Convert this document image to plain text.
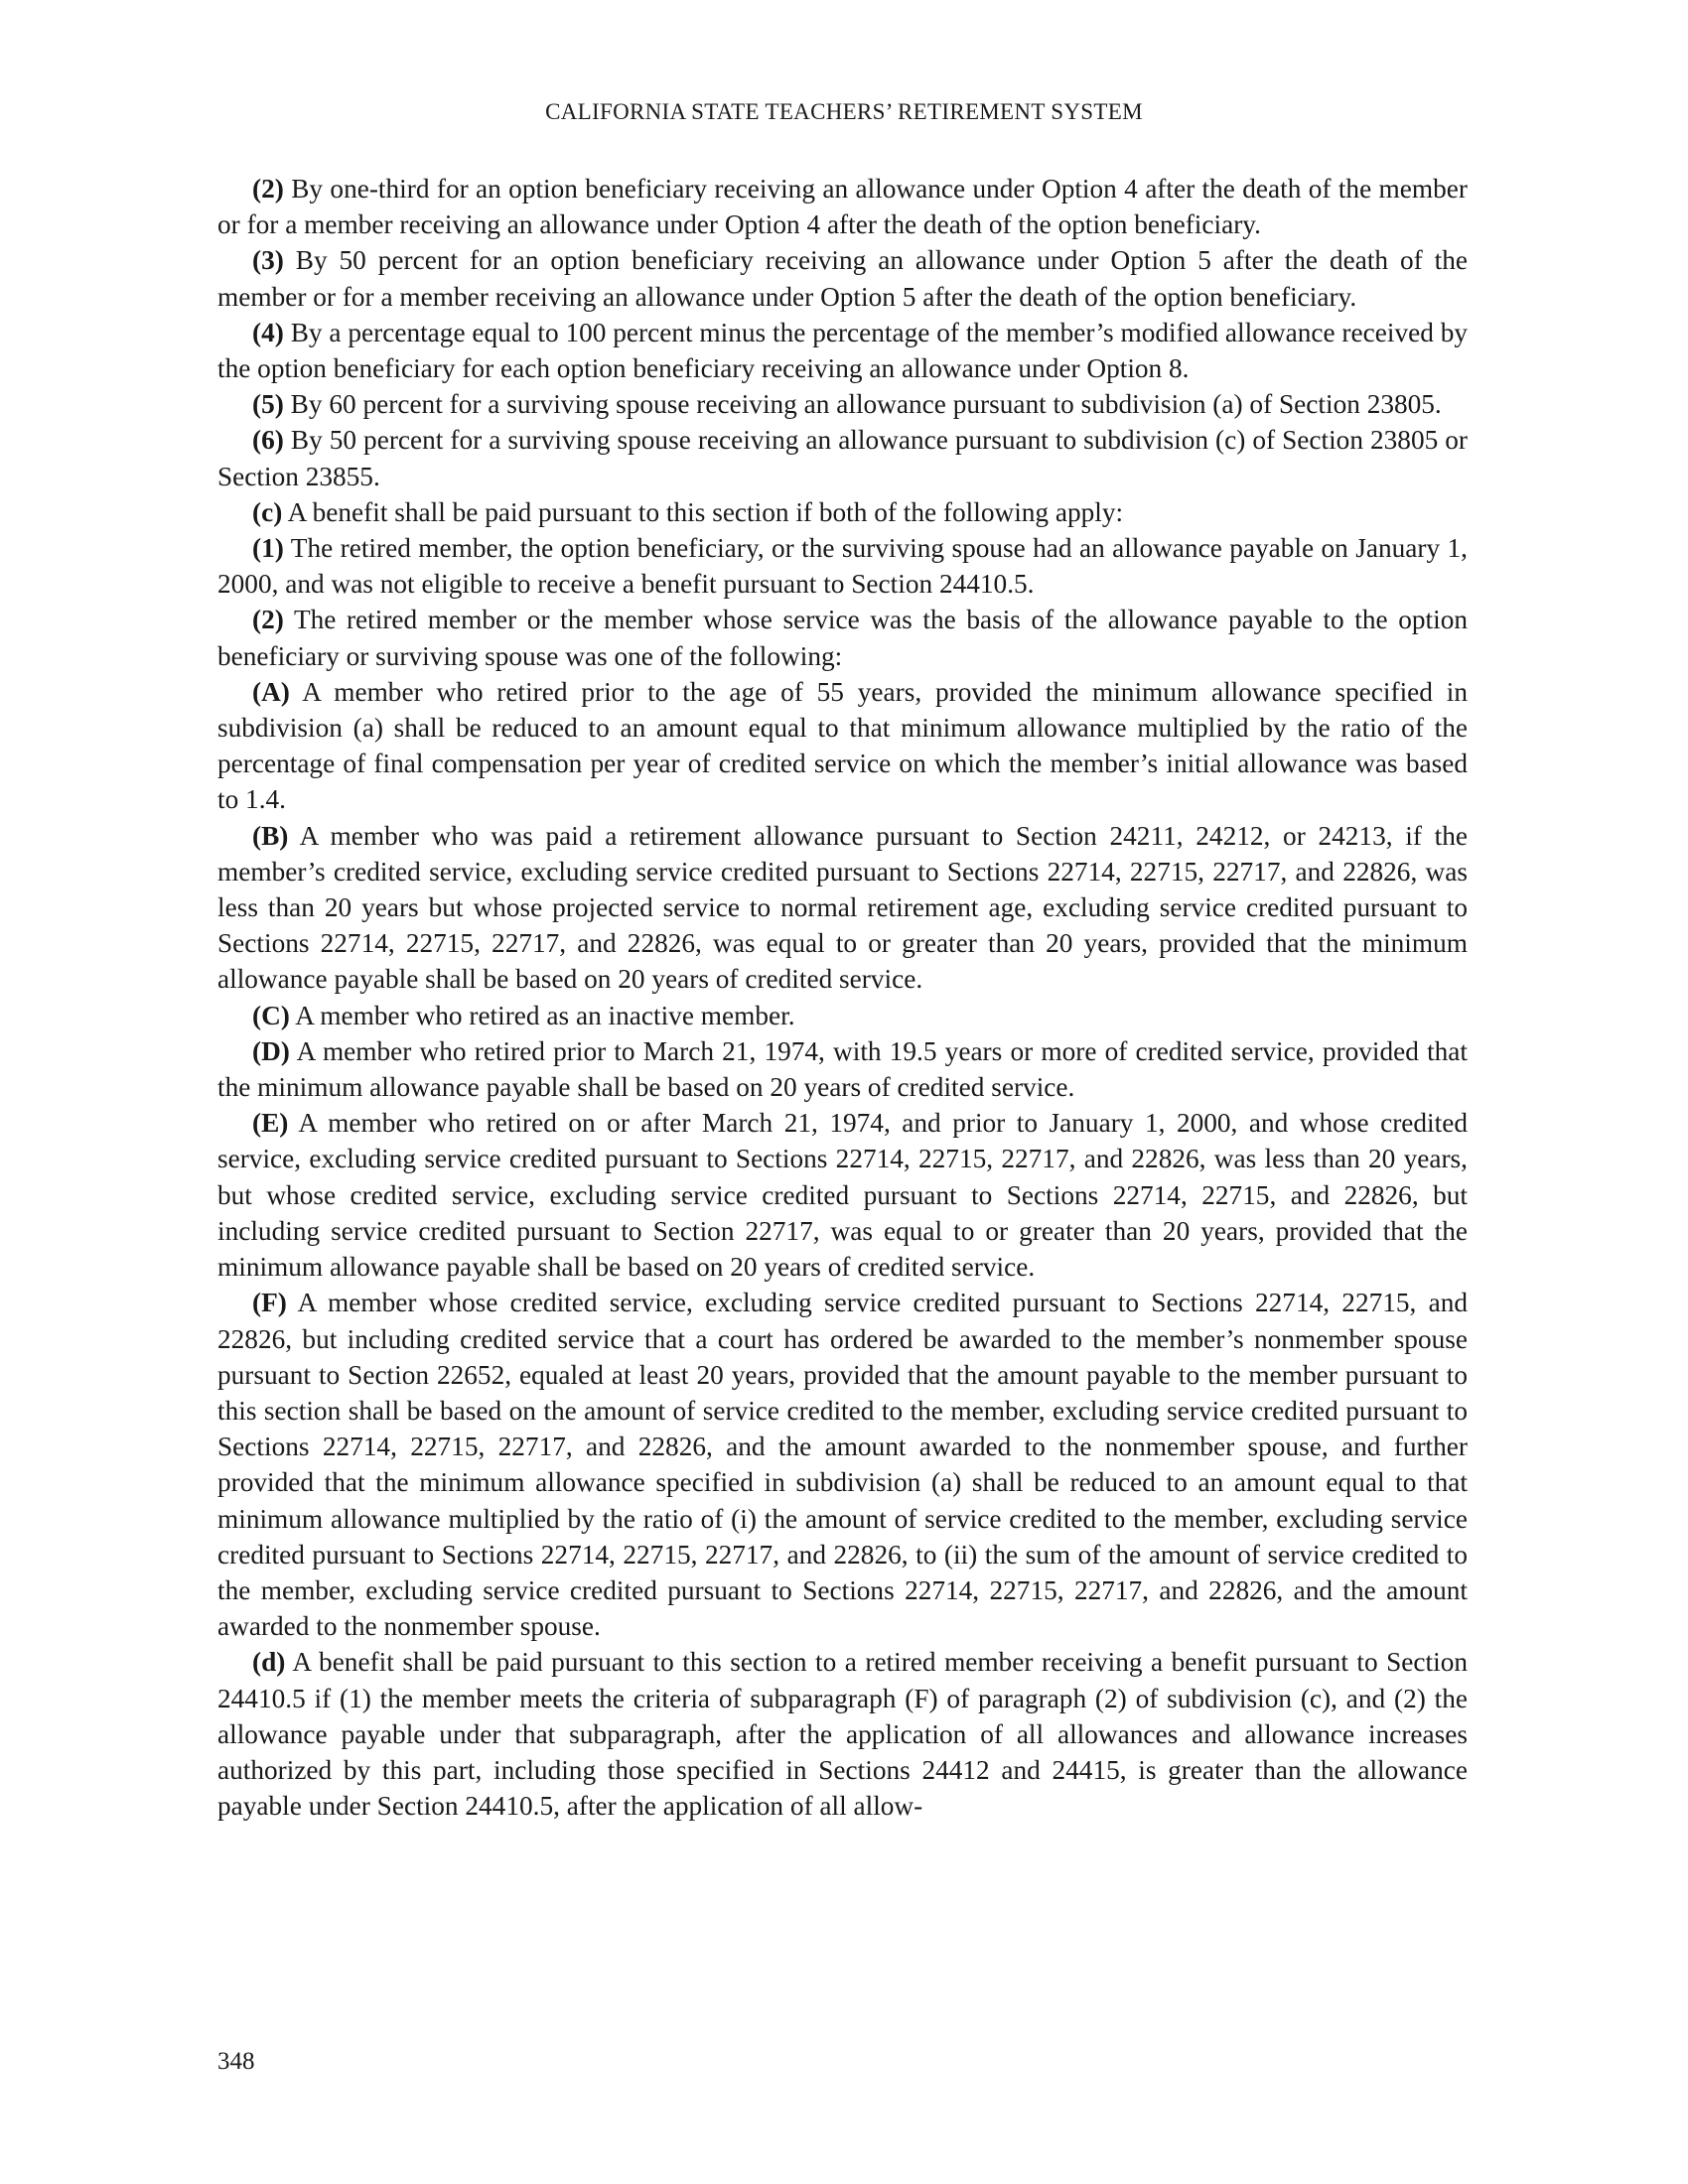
CALIFORNIA STATE TEACHERS’ RETIREMENT SYSTEM

(2) By one-third for an option beneficiary receiving an allowance under Option 4 after the death of the member or for a member receiving an allowance under Option 4 after the death of the option beneficiary.

(3) By 50 percent for an option beneficiary receiving an allowance under Option 5 after the death of the member or for a member receiving an allowance under Option 5 after the death of the option beneficiary.

(4) By a percentage equal to 100 percent minus the percentage of the member’s modified allowance received by the option beneficiary for each option beneficiary receiving an allowance under Option 8.

(5) By 60 percent for a surviving spouse receiving an allowance pursuant to subdivision (a) of Section 23805.

(6) By 50 percent for a surviving spouse receiving an allowance pursuant to subdivision (c) of Section 23805 or Section 23855.

(c) A benefit shall be paid pursuant to this section if both of the following apply:

(1) The retired member, the option beneficiary, or the surviving spouse had an allowance payable on January 1, 2000, and was not eligible to receive a benefit pursuant to Section 24410.5.

(2) The retired member or the member whose service was the basis of the allowance payable to the option beneficiary or surviving spouse was one of the following:

(A) A member who retired prior to the age of 55 years, provided the minimum allowance specified in subdivision (a) shall be reduced to an amount equal to that minimum allowance multiplied by the ratio of the percentage of final compensation per year of credited service on which the member’s initial allowance was based to 1.4.

(B) A member who was paid a retirement allowance pursuant to Section 24211, 24212, or 24213, if the member’s credited service, excluding service credited pursuant to Sections 22714, 22715, 22717, and 22826, was less than 20 years but whose projected service to normal retirement age, excluding service credited pursuant to Sections 22714, 22715, 22717, and 22826, was equal to or greater than 20 years, provided that the minimum allowance payable shall be based on 20 years of credited service.

(C) A member who retired as an inactive member.

(D) A member who retired prior to March 21, 1974, with 19.5 years or more of credited service, provided that the minimum allowance payable shall be based on 20 years of credited service.

(E) A member who retired on or after March 21, 1974, and prior to January 1, 2000, and whose credited service, excluding service credited pursuant to Sections 22714, 22715, 22717, and 22826, was less than 20 years, but whose credited service, excluding service credited pursuant to Sections 22714, 22715, and 22826, but including service credited pursuant to Section 22717, was equal to or greater than 20 years, provided that the minimum allowance payable shall be based on 20 years of credited service.

(F) A member whose credited service, excluding service credited pursuant to Sections 22714, 22715, and 22826, but including credited service that a court has ordered be awarded to the member’s nonmember spouse pursuant to Section 22652, equaled at least 20 years, provided that the amount payable to the member pursuant to this section shall be based on the amount of service credited to the member, excluding service credited pursuant to Sections 22714, 22715, 22717, and 22826, and the amount awarded to the nonmember spouse, and further provided that the minimum allowance specified in subdivision (a) shall be reduced to an amount equal to that minimum allowance multiplied by the ratio of (i) the amount of service credited to the member, excluding service credited pursuant to Sections 22714, 22715, 22717, and 22826, to (ii) the sum of the amount of service credited to the member, excluding service credited pursuant to Sections 22714, 22715, 22717, and 22826, and the amount awarded to the nonmember spouse.

(d) A benefit shall be paid pursuant to this section to a retired member receiving a benefit pursuant to Section 24410.5 if (1) the member meets the criteria of subparagraph (F) of paragraph (2) of subdivision (c), and (2) the allowance payable under that subparagraph, after the application of all allowances and allowance increases authorized by this part, including those specified in Sections 24412 and 24415, is greater than the allowance payable under Section 24410.5, after the application of all allow-

348
